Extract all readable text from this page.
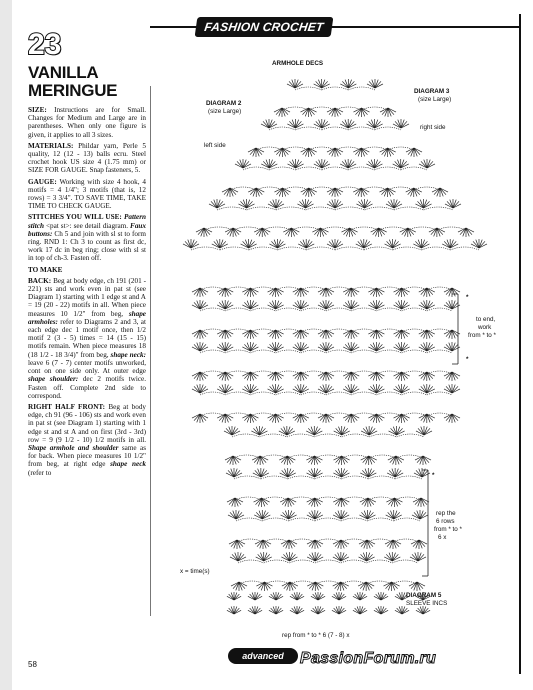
FASHION CROCHET
23
VANILLA
MERINGUE

SIZE: Instructions are for Small. Changes for Medium and Large are in parentheses. When only one figure is given, it applies to all 3 sizes.

MATERIALS: Phildar yarn, Perle 5 quality, 12 (12 - 13) balls ecru. Steel crochet hook US size 4 (1.75 mm) or SIZE FOR GAUGE. Snap fasteners, 5.

GAUGE: Working with size 4 hook, 4 motifs = 4 1/4"; 3 motifs (that is, 12 rows) = 3 3/4". TO SAVE TIME, TAKE TIME TO CHECK GAUGE.

STITCHES YOU WILL USE: Pattern stitch <pat st>: see detail diagram. Faux buttons: Ch 5 and join with sl st to form ring. RND 1: Ch 3 to count as first dc, work 17 dc in beg ring; close with sl st in top of ch-3. Fasten off.

TO MAKE

BACK: Beg at body edge, ch 191 (201 - 221) sts and work even in pat st (see Diagram 1) starting with 1 edge st and A = 19 (20 - 22) motifs in all. When piece measures 10 1/2" from beg, shape armholes: refer to Diagrams 2 and 3, at each edge dec 1 motif once, then 1/2 motif 2 (3 - 5) times = 14 (15 - 15) motifs remain. When piece measures 18 (18 1/2 - 18 3/4)" from beg, shape neck: leave 6 (7 - 7) center motifs unworked, cont on one side only. At outer edge shape shoulder: dec 2 motifs twice. Fasten off. Complete 2nd side to correspond.

RIGHT HALF FRONT: Beg at body edge, ch 91 (96 - 106) sts and work even in pat st (see Diagram 1) starting with 1 edge st and st A and on first (3rd - 3rd) row = 9 (9 1/2 - 10) 1/2 motifs in all. Shape armhole and shoulder same as for back. When piece measures 10 1/2" from beg, at right edge shape neck (refer to

ARMHOLE DECS
DIAGRAM 2
(size Large)
DIAGRAM 3
(size Large)
left side
right side
*
to end,
work
from * to *
*
*
rep the
6 rows
from * to *
6 x
x = time(s)
DIAGRAM 5
SLEEVE INCS
rep from * to * 6 (7 - 8) x
58
advanced	PassionForum.ru
